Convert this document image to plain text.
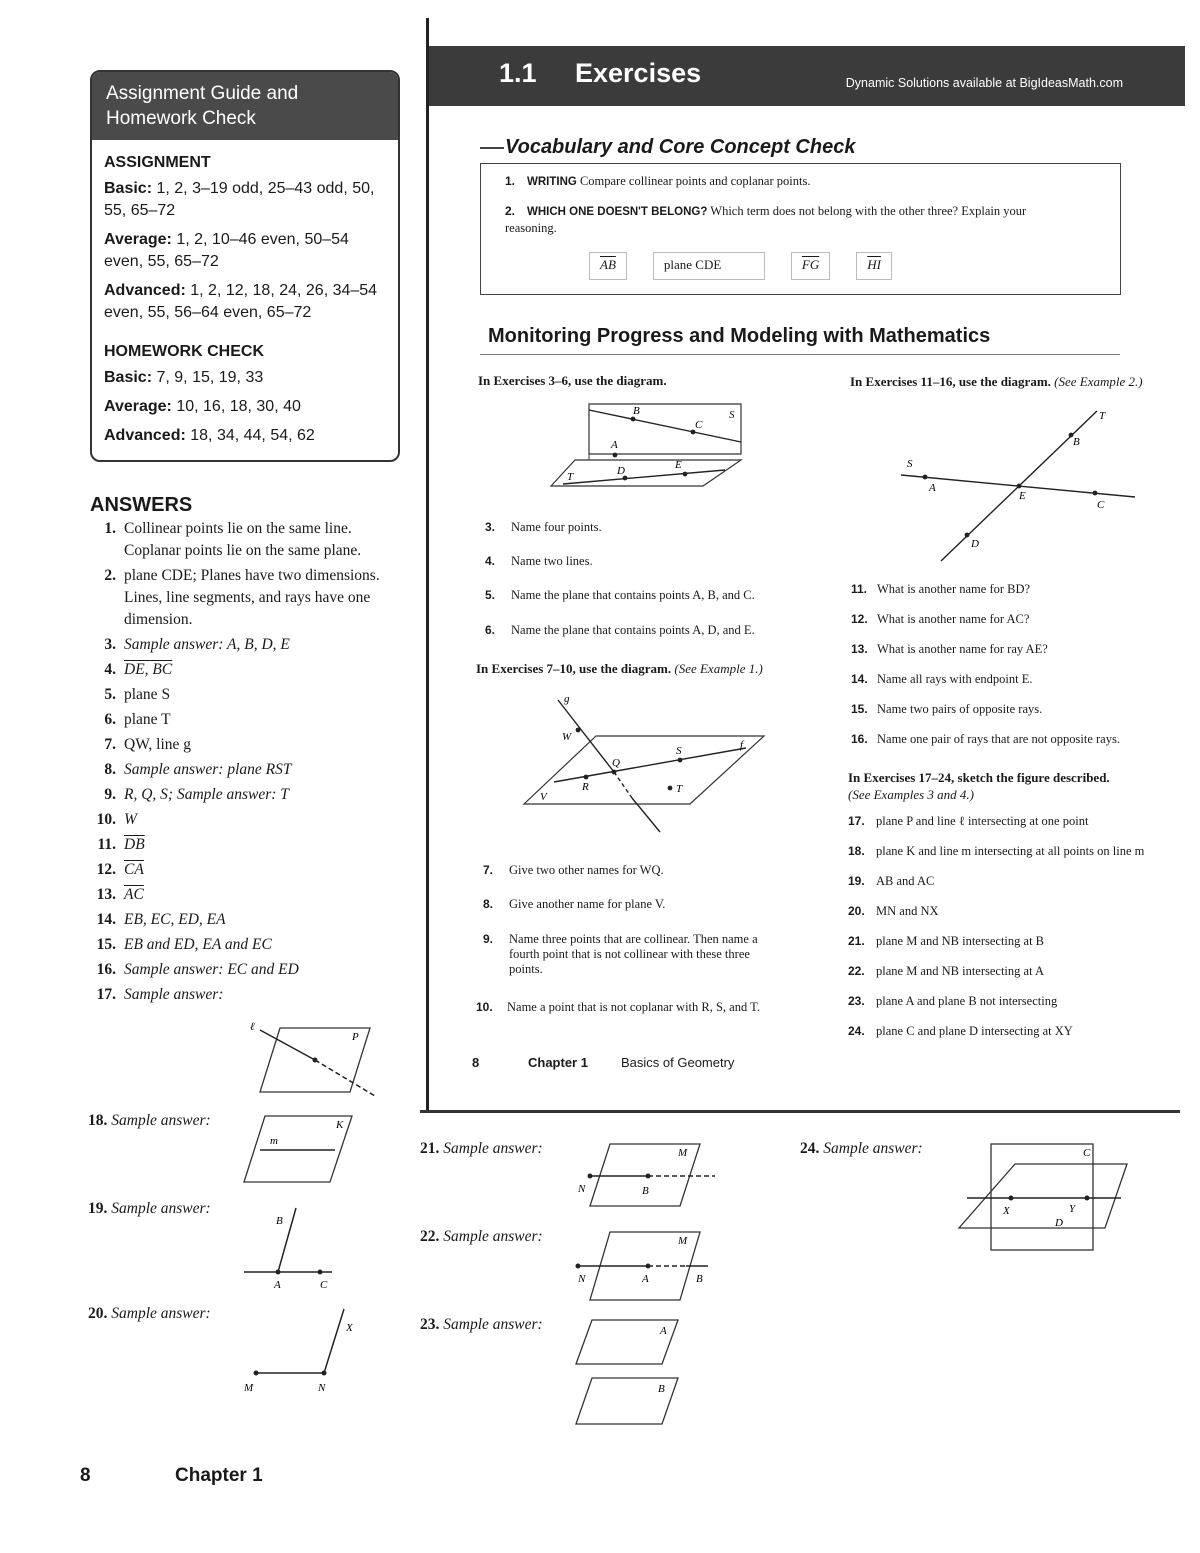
Assignment Guide and
Homework Check
ASSIGNMENT
Basic: 1, 2, 3–19 odd, 25–43 odd, 50, 55, 65–72
Average: 1, 2, 10–46 even, 50–54 even, 55, 65–72
Advanced: 1, 2, 12, 18, 24, 26, 34–54 even, 55, 56–64 even, 65–72
HOMEWORK CHECK
Basic: 7, 9, 15, 19, 33
Average: 10, 16, 18, 30, 40
Advanced: 18, 34, 44, 54, 62
ANSWERS
1. Collinear points lie on the same line. Coplanar points lie on the same plane.
2. plane CDE; Planes have two dimensions. Lines, line segments, and rays have one dimension.
3. Sample answer: A, B, D, E
4. DE, BC
5. plane S
6. plane T
7. QW, line g
8. Sample answer: plane RST
9. R, Q, S; Sample answer: T
10. W
11. $\overline{DB}$
12. $\overline{CA}$
13. $\overline{AC}$
14. EB, EC, ED, EA
15. EB and ED, EA and EC
16. Sample answer: EC and ED
17. Sample answer:
ℓ
P
18. Sample answer:
m
K
19. Sample answer:
A	C
B
20. Sample answer:
M	N
X
8	Chapter 1
1.1 Exercises	Dynamic Solutions available at BigIdeasMath.com
Vocabulary and Core Concept Check
1. WRITING Compare collinear points and coplanar points.
2. WHICH ONE DOESN'T BELONG? Which term does not belong with the other three? Explain your reasoning.
$\overline{AB}$	plane CDE	$\overline{FG}$	$\overline{HI}$
Monitoring Progress and Modeling with Mathematics
In Exercises 3–6, use the diagram.
B
C
A
S
T	D	E
3.	Name four points.
4.	Name two lines.
5.	Name the plane that contains points A, B, and C.
6.	Name the plane that contains points A, D, and E.
In Exercises 7–10, use the diagram. (See Example 1.)
g
W
Q
R
S
T
f
V
7.	Give two other names for WQ.
8.	Give another name for plane V.
9.	Name three points that are collinear. Then name a fourth point that is not collinear with these three points.
10.	Name a point that is not coplanar with R, S, and T.
8	Chapter 1	Basics of Geometry
In Exercises 11–16, use the diagram. (See Example 2.)
S
A
E
C
B
T
D
11. What is another name for BD?
12. What is another name for AC?
13. What is another name for ray AE?
14. Name all rays with endpoint E.
15. Name two pairs of opposite rays.
16. Name one pair of rays that are not opposite rays.
In Exercises 17–24, sketch the figure described.
(See Examples 3 and 4.)
17. plane P and line ℓ intersecting at one point
18. plane K and line m intersecting at all points on line m
19. AB and AC
20. MN and NX
21. plane M and NB intersecting at B
22. plane M and NB intersecting at A
23. plane A and plane B not intersecting
24. plane C and plane D intersecting at XY
21. Sample answer:
N	B
M
22. Sample answer:
N	A	B
M
23. Sample answer:	A
B
24. Sample answer:
X	Y
C
D
